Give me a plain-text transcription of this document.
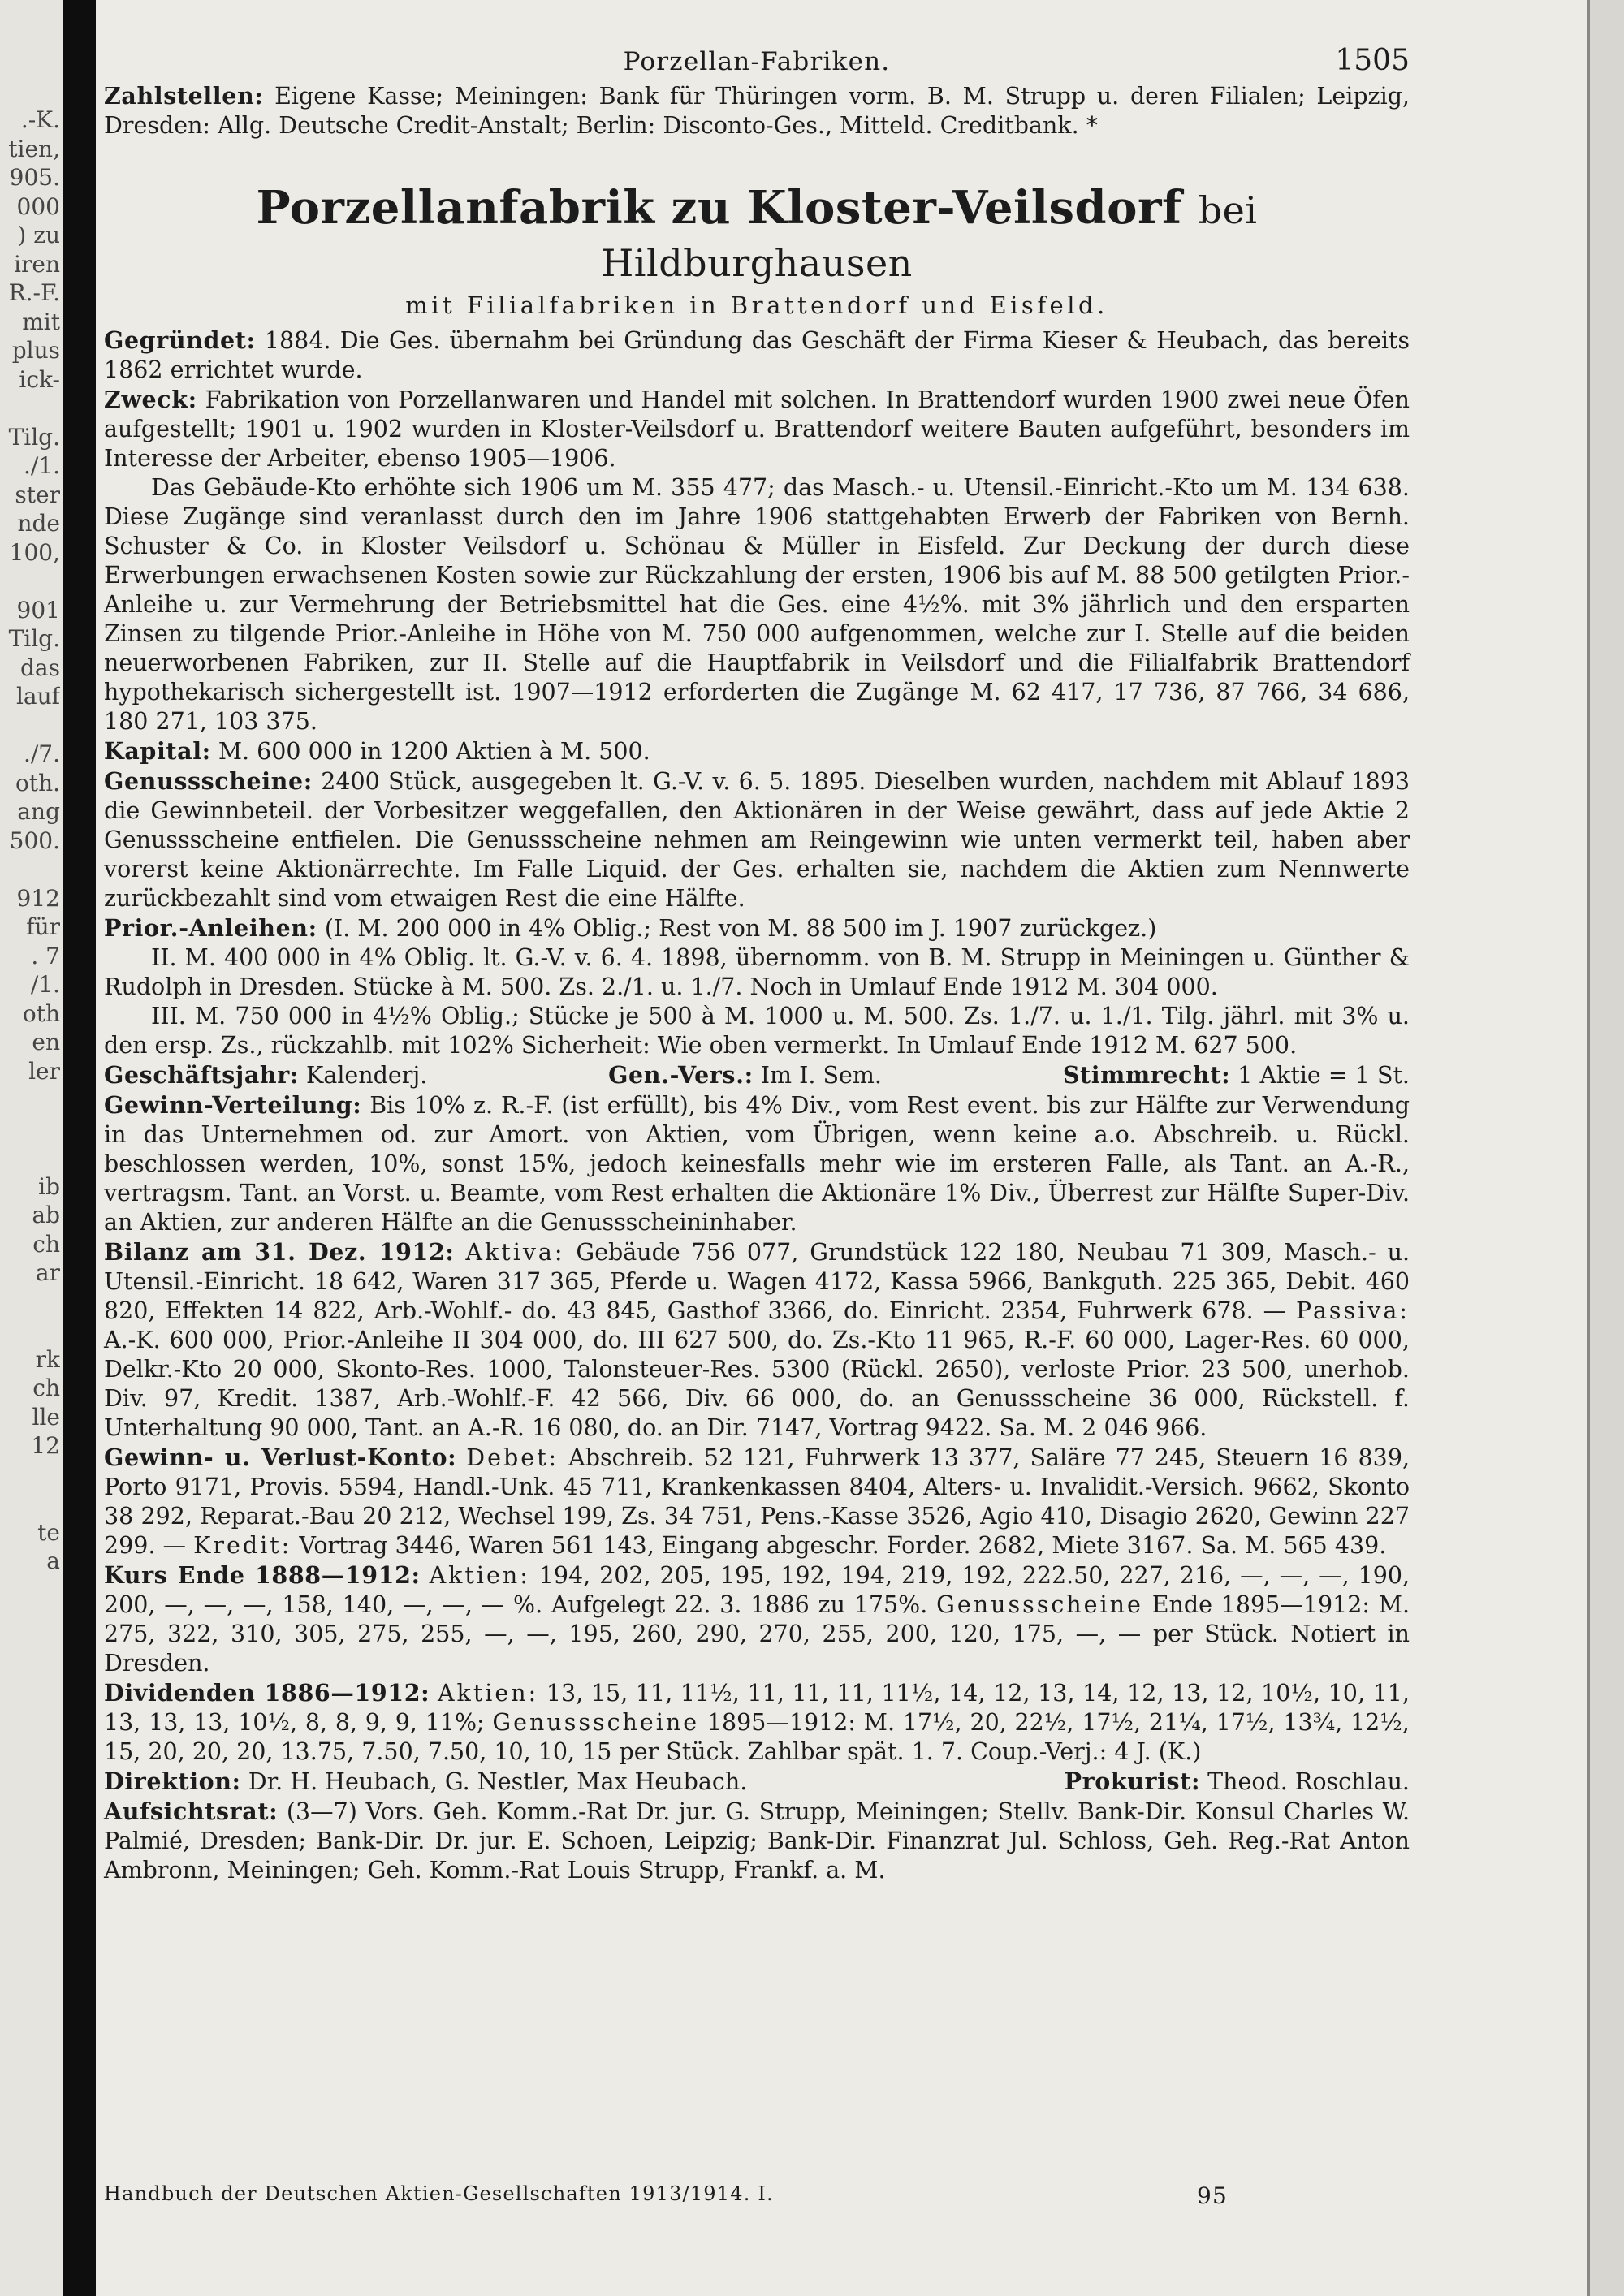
.-K.
tien,
905.
000
) zu
iren
R.-F.
mit
plus
ick-

Tilg.
./1.
ster
nde
100,

901
Tilg.
das
lauf

./7.
oth.
ang
500.

912
für
. 7
/1.
oth
en
ler

ib
ab
ch
ar

rk
ch
lle
12

te
a
Porzellan-Fabriken.	1505

Zahlstellen: Eigene Kasse; Meiningen: Bank für Thüringen vorm. B. M. Strupp u. deren Filialen; Leipzig, Dresden: Allg. Deutsche Credit-Anstalt; Berlin: Disconto-Ges., Mitteld. Creditbank. *

Porzellanfabrik zu Kloster-Veilsdorf bei Hildburghausen
mit Filialfabriken in Brattendorf und Eisfeld.

Gegründet: 1884. Die Ges. übernahm bei Gründung das Geschäft der Firma Kieser & Heubach, das bereits 1862 errichtet wurde.

Zweck: Fabrikation von Porzellanwaren und Handel mit solchen. In Brattendorf wurden 1900 zwei neue Öfen aufgestellt; 1901 u. 1902 wurden in Kloster-Veilsdorf u. Brattendorf weitere Bauten aufgeführt, besonders im Interesse der Arbeiter, ebenso 1905—1906.

Das Gebäude-Kto erhöhte sich 1906 um M. 355 477; das Masch.- u. Utensil.-Einricht.-Kto um M. 134 638. Diese Zugänge sind veranlasst durch den im Jahre 1906 stattgehabten Erwerb der Fabriken von Bernh. Schuster & Co. in Kloster Veilsdorf u. Schönau & Müller in Eisfeld. Zur Deckung der durch diese Erwerbungen erwachsenen Kosten sowie zur Rückzahlung der ersten, 1906 bis auf M. 88 500 getilgten Prior.-Anleihe u. zur Vermehrung der Betriebsmittel hat die Ges. eine 4½%. mit 3% jährlich und den ersparten Zinsen zu tilgende Prior.-Anleihe in Höhe von M. 750 000 aufgenommen, welche zur I. Stelle auf die beiden neuerworbenen Fabriken, zur II. Stelle auf die Hauptfabrik in Veilsdorf und die Filialfabrik Brattendorf hypothekarisch sichergestellt ist. 1907—1912 erforderten die Zugänge M. 62 417, 17 736, 87 766, 34 686, 180 271, 103 375.

Kapital: M. 600 000 in 1200 Aktien à M. 500.

Genussscheine: 2400 Stück, ausgegeben lt. G.-V. v. 6. 5. 1895. Dieselben wurden, nachdem mit Ablauf 1893 die Gewinnbeteil. der Vorbesitzer weggefallen, den Aktionären in der Weise gewährt, dass auf jede Aktie 2 Genussscheine entfielen. Die Genussscheine nehmen am Reingewinn wie unten vermerkt teil, haben aber vorerst keine Aktionärrechte. Im Falle Liquid. der Ges. erhalten sie, nachdem die Aktien zum Nennwerte zurückbezahlt sind vom etwaigen Rest die eine Hälfte.

Prior.-Anleihen: (I. M. 200 000 in 4% Oblig.; Rest von M. 88 500 im J. 1907 zurückgez.)

II. M. 400 000 in 4% Oblig. lt. G.-V. v. 6. 4. 1898, übernomm. von B. M. Strupp in Meiningen u. Günther & Rudolph in Dresden. Stücke à M. 500. Zs. 2./1. u. 1./7. Noch in Umlauf Ende 1912 M. 304 000.

III. M. 750 000 in 4½% Oblig.; Stücke je 500 à M. 1000 u. M. 500. Zs. 1./7. u. 1./1. Tilg. jährl. mit 3% u. den ersp. Zs., rückzahlb. mit 102% Sicherheit: Wie oben vermerkt. In Umlauf Ende 1912 M. 627 500.

Geschäftsjahr: Kalenderj.	Gen.-Vers.: Im I. Sem.	Stimmrecht: 1 Aktie = 1 St.

Gewinn-Verteilung: Bis 10% z. R.-F. (ist erfüllt), bis 4% Div., vom Rest event. bis zur Hälfte zur Verwendung in das Unternehmen od. zur Amort. von Aktien, vom Übrigen, wenn keine a.o. Abschreib. u. Rückl. beschlossen werden, 10%, sonst 15%, jedoch keinesfalls mehr wie im ersteren Falle, als Tant. an A.-R., vertragsm. Tant. an Vorst. u. Beamte, vom Rest erhalten die Aktionäre 1% Div., Überrest zur Hälfte Super-Div. an Aktien, zur anderen Hälfte an die Genussscheininhaber.

Bilanz am 31. Dez. 1912: Aktiva: Gebäude 756 077, Grundstück 122 180, Neubau 71 309, Masch.- u. Utensil.-Einricht. 18 642, Waren 317 365, Pferde u. Wagen 4172, Kassa 5966, Bankguth. 225 365, Debit. 460 820, Effekten 14 822, Arb.-Wohlf.- do. 43 845, Gasthof 3366, do. Einricht. 2354, Fuhrwerk 678. — Passiva: A.-K. 600 000, Prior.-Anleihe II 304 000, do. III 627 500, do. Zs.-Kto 11 965, R.-F. 60 000, Lager-Res. 60 000, Delkr.-Kto 20 000, Skonto-Res. 1000, Talonsteuer-Res. 5300 (Rückl. 2650), verloste Prior. 23 500, unerhob. Div. 97, Kredit. 1387, Arb.-Wohlf.-F. 42 566, Div. 66 000, do. an Genussscheine 36 000, Rückstell. f. Unterhaltung 90 000, Tant. an A.-R. 16 080, do. an Dir. 7147, Vortrag 9422. Sa. M. 2 046 966.

Gewinn- u. Verlust-Konto: Debet: Abschreib. 52 121, Fuhrwerk 13 377, Saläre 77 245, Steuern 16 839, Porto 9171, Provis. 5594, Handl.-Unk. 45 711, Krankenkassen 8404, Alters- u. Invalidit.-Versich. 9662, Skonto 38 292, Reparat.-Bau 20 212, Wechsel 199, Zs. 34 751, Pens.-Kasse 3526, Agio 410, Disagio 2620, Gewinn 227 299. — Kredit: Vortrag 3446, Waren 561 143, Eingang abgeschr. Forder. 2682, Miete 3167. Sa. M. 565 439.

Kurs Ende 1888—1912: Aktien: 194, 202, 205, 195, 192, 194, 219, 192, 222.50, 227, 216, —, —, —, 190, 200, —, —, —, 158, 140, —, —, — %. Aufgelegt 22. 3. 1886 zu 175%. Genussscheine Ende 1895—1912: M. 275, 322, 310, 305, 275, 255, —, —, 195, 260, 290, 270, 255, 200, 120, 175, —, — per Stück. Notiert in Dresden.

Dividenden 1886—1912: Aktien: 13, 15, 11, 11½, 11, 11, 11, 11½, 14, 12, 13, 14, 12, 13, 12, 10½, 10, 11, 13, 13, 13, 10½, 8, 8, 9, 9, 11%; Genussscheine 1895—1912: M. 17½, 20, 22½, 17½, 21¼, 17½, 13¾, 12½, 15, 20, 20, 20, 13.75, 7.50, 7.50, 10, 10, 15 per Stück. Zahlbar spät. 1. 7. Coup.-Verj.: 4 J. (K.)

Direktion: Dr. H. Heubach, G. Nestler, Max Heubach.	Prokurist: Theod. Roschlau.

Aufsichtsrat: (3—7) Vors. Geh. Komm.-Rat Dr. jur. G. Strupp, Meiningen; Stellv. Bank-Dir. Konsul Charles W. Palmié, Dresden; Bank-Dir. Dr. jur. E. Schoen, Leipzig; Bank-Dir. Finanzrat Jul. Schloss, Geh. Reg.-Rat Anton Ambronn, Meiningen; Geh. Komm.-Rat Louis Strupp, Frankf. a. M.

Handbuch der Deutschen Aktien-Gesellschaften 1913/1914. I.	95
